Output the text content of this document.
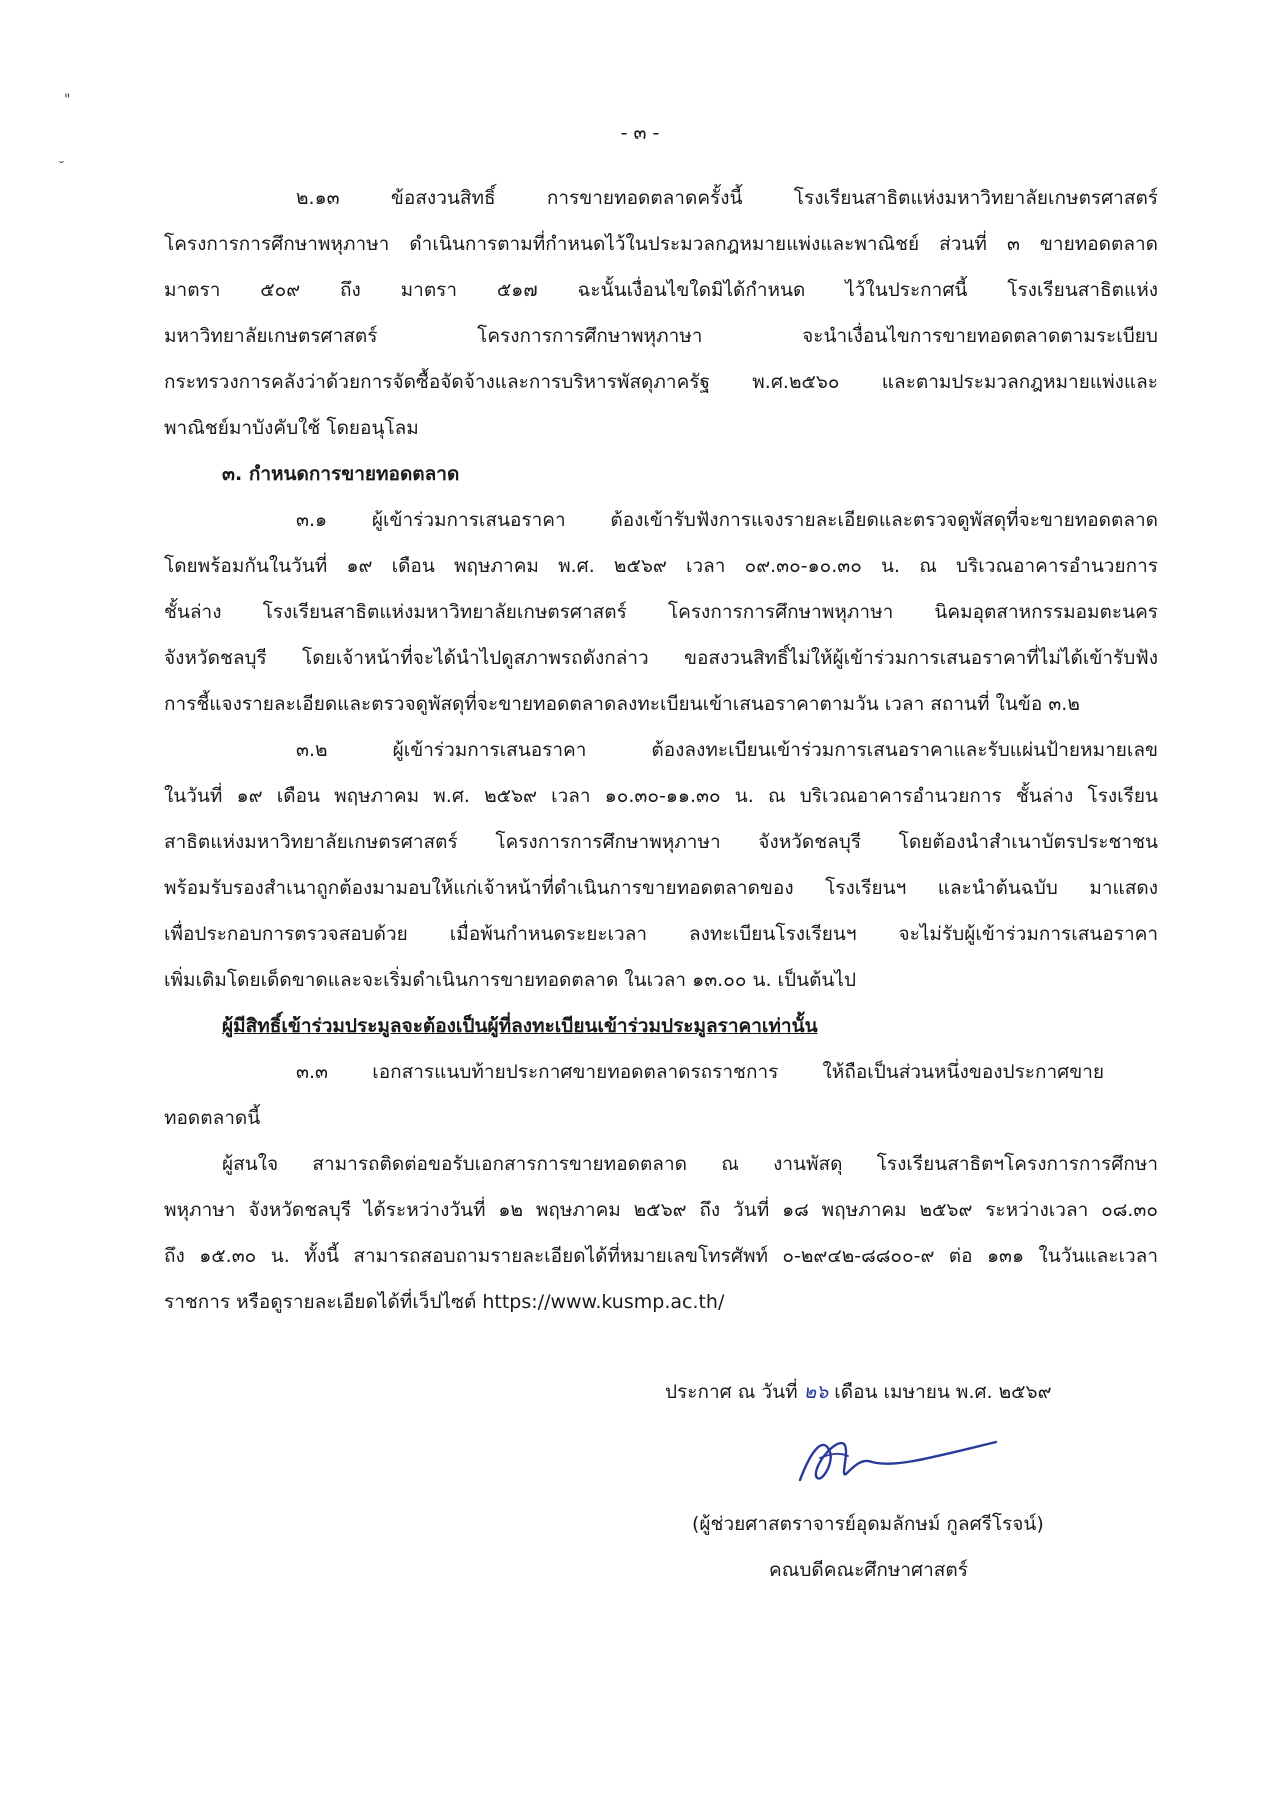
"
˘
- ๓ -

๒.๑๓ ข้อสงวนสิทธิ์ การขายทอดตลาดครั้งนี้ โรงเรียนสาธิตแห่งมหาวิทยาลัยเกษตรศาสตร์

โครงการการศึกษาพหุภาษา ดำเนินการตามที่กำหนดไว้ในประมวลกฎหมายแพ่งและพาณิชย์ ส่วนที่ ๓ ขายทอดตลาด

มาตรา ๕๐๙ ถึง มาตรา ๕๑๗ ฉะนั้นเงื่อนไขใดมิได้กำหนด ไว้ในประกาศนี้ โรงเรียนสาธิตแห่ง

มหาวิทยาลัยเกษตรศาสตร์ โครงการการศึกษาพหุภาษา จะนำเงื่อนไขการขายทอดตลาดตามระเบียบ

กระทรวงการคลังว่าด้วยการจัดซื้อจัดจ้างและการบริหารพัสดุภาครัฐ พ.ศ.๒๕๖๐ และตามประมวลกฎหมายแพ่งและ

พาณิชย์มาบังคับใช้ โดยอนุโลม

๓. กำหนดการขายทอดตลาด

๓.๑ ผู้เข้าร่วมการเสนอราคา ต้องเข้ารับฟังการแจงรายละเอียดและตรวจดูพัสดุที่จะขายทอดตลาด

โดยพร้อมกันในวันที่ ๑๙ เดือน พฤษภาคม พ.ศ. ๒๕๖๙ เวลา ๐๙.๓๐-๑๐.๓๐ น. ณ บริเวณอาคารอำนวยการ

ชั้นล่าง โรงเรียนสาธิตแห่งมหาวิทยาลัยเกษตรศาสตร์ โครงการการศึกษาพหุภาษา นิคมอุตสาหกรรมอมตะนคร

จังหวัดชลบุรี โดยเจ้าหน้าที่จะได้นำไปดูสภาพรถดังกล่าว ขอสงวนสิทธิ์ไม่ให้ผู้เข้าร่วมการเสนอราคาที่ไม่ได้เข้ารับฟัง

การชี้แจงรายละเอียดและตรวจดูพัสดุที่จะขายทอดตลาดลงทะเบียนเข้าเสนอราคาตามวัน เวลา สถานที่ ในข้อ ๓.๒

๓.๒ ผู้เข้าร่วมการเสนอราคา ต้องลงทะเบียนเข้าร่วมการเสนอราคาและรับแผ่นป้ายหมายเลข

ในวันที่ ๑๙ เดือน พฤษภาคม พ.ศ. ๒๕๖๙ เวลา ๑๐.๓๐-๑๑.๓๐ น. ณ บริเวณอาคารอำนวยการ ชั้นล่าง โรงเรียน

สาธิตแห่งมหาวิทยาลัยเกษตรศาสตร์ โครงการการศึกษาพหุภาษา จังหวัดชลบุรี โดยต้องนำสำเนาบัตรประชาชน

พร้อมรับรองสำเนาถูกต้องมามอบให้แก่เจ้าหน้าที่ดำเนินการขายทอดตลาดของ โรงเรียนฯ และนำต้นฉบับ มาแสดง

เพื่อประกอบการตรวจสอบด้วย เมื่อพ้นกำหนดระยะเวลา ลงทะเบียนโรงเรียนฯ จะไม่รับผู้เข้าร่วมการเสนอราคา

เพิ่มเติมโดยเด็ดขาดและจะเริ่มดำเนินการขายทอดตลาด ในเวลา ๑๓.๐๐ น. เป็นต้นไป

ผู้มีสิทธิ์เข้าร่วมประมูลจะต้องเป็นผู้ที่ลงทะเบียนเข้าร่วมประมูลราคาเท่านั้น

๓.๓ เอกสารแนบท้ายประกาศขายทอดตลาดรถราชการ ให้ถือเป็นส่วนหนึ่งของประกาศขาย

ทอดตลาดนี้

ผู้สนใจ สามารถติดต่อขอรับเอกสารการขายทอดตลาด ณ งานพัสดุ โรงเรียนสาธิตฯโครงการการศึกษา

พหุภาษา จังหวัดชลบุรี ได้ระหว่างวันที่ ๑๒ พฤษภาคม ๒๕๖๙ ถึง วันที่ ๑๘ พฤษภาคม ๒๕๖๙ ระหว่างเวลา ๐๘.๓๐

ถึง ๑๕.๓๐ น. ทั้งนี้ สามารถสอบถามรายละเอียดได้ที่หมายเลขโทรศัพท์ ๐-๒๙๔๒-๘๘๐๐-๙ ต่อ ๑๓๑ ในวันและเวลา

ราชการ หรือดูรายละเอียดได้ที่เว็ปไซต์ https://www.kusmp.ac.th/

ประกาศ ณ วันที่ ๒๖ เดือน เมษายน พ.ศ. ๒๕๖๙

(ผู้ช่วยศาสตราจารย์อุดมลักษม์ กูลศรีโรจน์)

คณบดีคณะศึกษาศาสตร์
